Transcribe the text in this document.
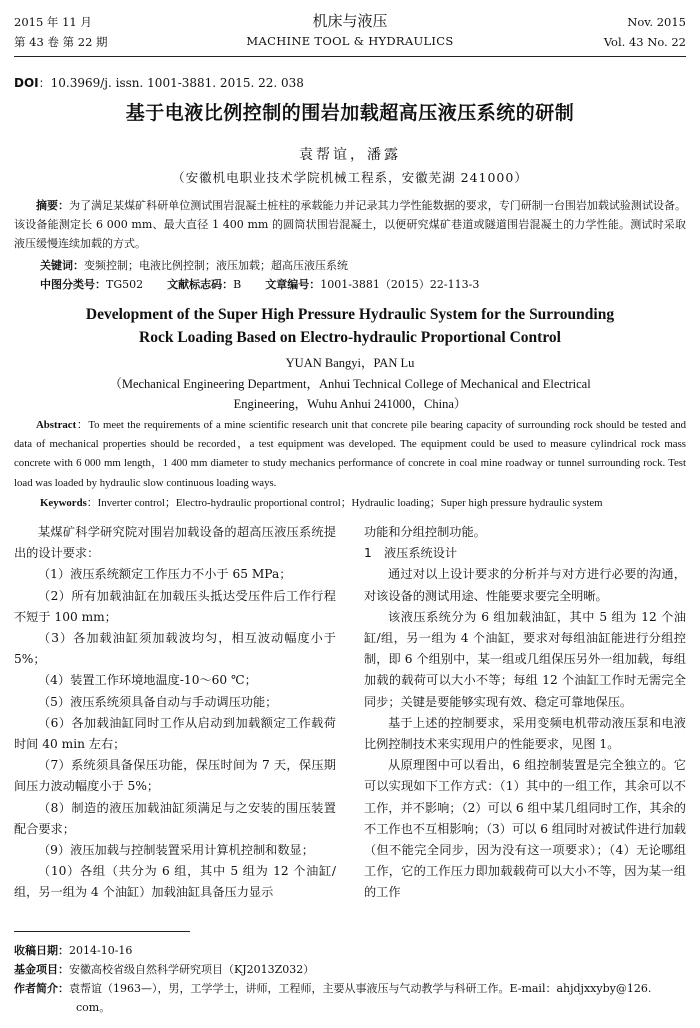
2015 年 11 月
第 43 卷 第 22 期
机床与液压
MACHINE TOOL & HYDRAULICS
Nov. 2015
Vol. 43 No. 22
DOI：10.3969/j. issn. 1001-3881. 2015. 22. 038
基于电液比例控制的围岩加载超高压液压系统的研制
袁帮谊，潘露
（安徽机电职业技术学院机械工程系，安徽芜湖 241000）
摘要：为了满足某煤矿科研单位测试围岩混凝土桩柱的承载能力并记录其力学性能数据的要求，专门研制一台围岩加载试验测试设备。该设备能测定长 6 000 mm、最大直径 1 400 mm 的圆筒状围岩混凝土，以便研究煤矿巷道或隧道围岩混凝土的力学性能。测试时采取液压缓慢连续加载的方式。
关键词：变频控制；电液比例控制；液压加载；超高压液压系统
中图分类号：TG502 文献标志码：B 文章编号：1001-3881（2015）22-113-3
Development of the Super High Pressure Hydraulic System for the Surrounding
Rock Loading Based on Electro-hydraulic Proportional Control
YUAN Bangyi，PAN Lu
（Mechanical Engineering Department，Anhui Technical College of Mechanical and Electrical
Engineering，Wuhu Anhui 241000，China）
Abstract：To meet the requirements of a mine scientific research unit that concrete pile bearing capacity of surrounding rock should be tested and data of mechanical properties should be recorded，a test equipment was developed. The equipment could be used to measure cylindrical rock mass concrete with 6 000 mm length，1 400 mm diameter to study mechanics performance of concrete in coal mine roadway or tunnel surrounding rock. Test load was loaded by hydraulic slow continuous loading ways.
Keywords：Inverter control；Electro-hydraulic proportional control；Hydraulic loading；Super high pressure hydraulic system

某煤矿科学研究院对围岩加载设备的超高压液压系统提出的设计要求：

（1）液压系统额定工作压力不小于 65 MPa；

（2）所有加载油缸在加载压头抵达受压件后工作行程不短于 100 mm；

（3）各加载油缸须加载波均匀，相互波动幅度小于 5%；

（4）装置工作环境地温度-10～60 ℃；

（5）液压系统须具备自动与手动调压功能；

（6）各加载油缸同时工作从启动到加载额定工作载荷时间 40 min 左右；

（7）系统须具备保压功能，保压时间为 7 天，保压期间压力波动幅度小于 5%；

（8）制造的液压加载油缸须满足与之安装的围压装置配合要求；

（9）液压加载与控制装置采用计算机控制和数显；

（10）各组（共分为 6 组，其中 5 组为 12 个油缸/组，另一组为 4 个油缸）加载油缸具备压力显示

功能和分组控制功能。

1　液压系统设计

通过对以上设计要求的分析并与对方进行必要的沟通，对该设备的测试用途、性能要求要完全明晰。

该液压系统分为 6 组加载油缸，其中 5 组为 12 个油缸/组，另一组为 4 个油缸，要求对每组油缸能进行分组控制，即 6 个组别中，某一组或几组保压另外一组加载，每组加载的载荷可以大小不等；每组 12 个油缸工作时无需完全同步；关键是要能够实现有效、稳定可靠地保压。

基于上述的控制要求，采用变频电机带动液压泵和电液比例控制技术来实现用户的性能要求，见图 1。

从原理图中可以看出，6 组控制装置是完全独立的。它可以实现如下工作方式：（1）其中的一组工作，其余可以不工作，并不影响；（2）可以 6 组中某几组同时工作，其余的不工作也不互相影响；（3）可以 6 组同时对被试件进行加载（但不能完全同步，因为没有这一项要求）；（4）无论哪组工作，它的工作压力即加载载荷可以大小不等，因为某一组的工作

收稿日期：2014-10-16

基金项目：安徽高校省级自然科学研究项目（KJ2013Z032）

作者简介：袁帮谊（1963—），男，工学学士，讲师，工程师，主要从事液压与气动教学与科研工作。E-mail：ahjdjxxyby@126. com。
